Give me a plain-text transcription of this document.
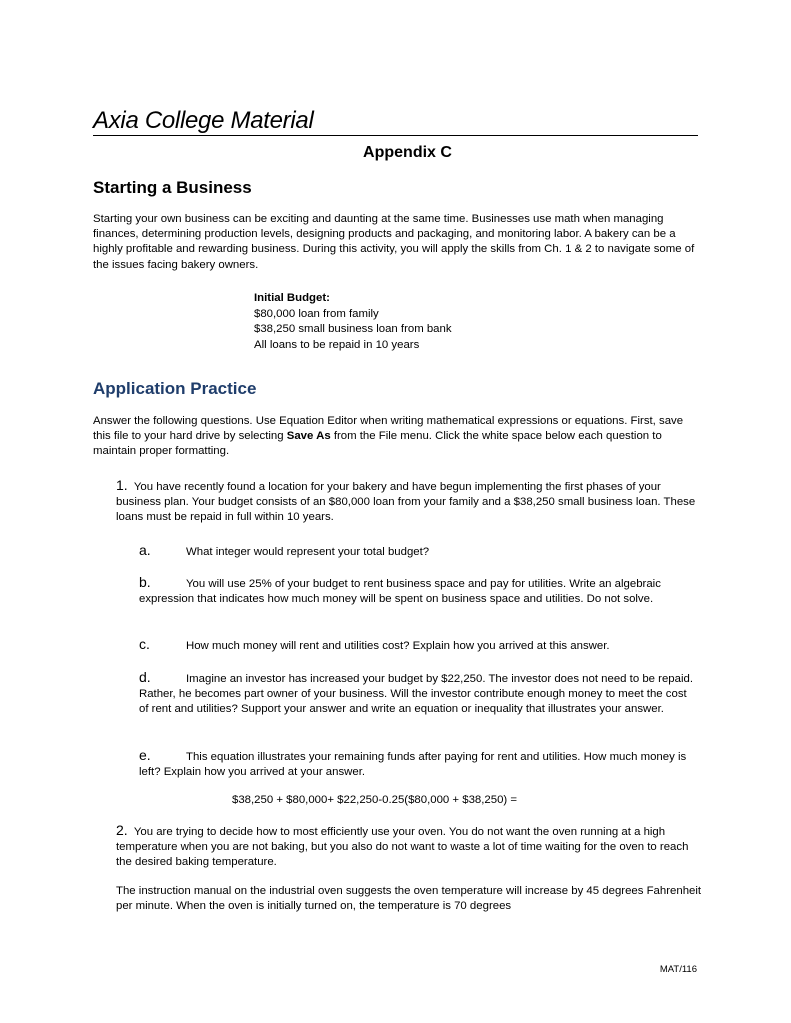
Axia College Material
Appendix C
Starting a Business
Starting your own business can be exciting and daunting at the same time. Businesses use math when managing finances, determining production levels, designing products and packaging, and monitoring labor. A bakery can be a highly profitable and rewarding business. During this activity, you will apply the skills from Ch. 1 & 2 to navigate some of the issues facing bakery owners.
Initial Budget:
$80,000 loan from family
$38,250 small business loan from bank
All loans to be repaid in 10 years
Application Practice
Answer the following questions. Use Equation Editor when writing mathematical expressions or equations. First, save this file to your hard drive by selecting Save As from the File menu. Click the white space below each question to maintain proper formatting.
1. You have recently found a location for your bakery and have begun implementing the first phases of your business plan. Your budget consists of an $80,000 loan from your family and a $38,250 small business loan. These loans must be repaid in full within 10 years.
a.	What integer would represent your total budget?
b.	You will use 25% of your budget to rent business space and pay for utilities. Write an algebraic expression that indicates how much money will be spent on business space and utilities. Do not solve.
c.	How much money will rent and utilities cost? Explain how you arrived at this answer.
d.	Imagine an investor has increased your budget by $22,250. The investor does not need to be repaid. Rather, he becomes part owner of your business. Will the investor contribute enough money to meet the cost of rent and utilities? Support your answer and write an equation or inequality that illustrates your answer.
e.	This equation illustrates your remaining funds after paying for rent and utilities. How much money is left? Explain how you arrived at your answer.
$38,250 + $80,000+ $22,250-0.25($80,000 + $38,250) =
2. You are trying to decide how to most efficiently use your oven. You do not want the oven running at a high temperature when you are not baking, but you also do not want to waste a lot of time waiting for the oven to reach the desired baking temperature.
The instruction manual on the industrial oven suggests the oven temperature will increase by 45 degrees Fahrenheit per minute. When the oven is initially turned on, the temperature is 70 degrees
MAT/116
